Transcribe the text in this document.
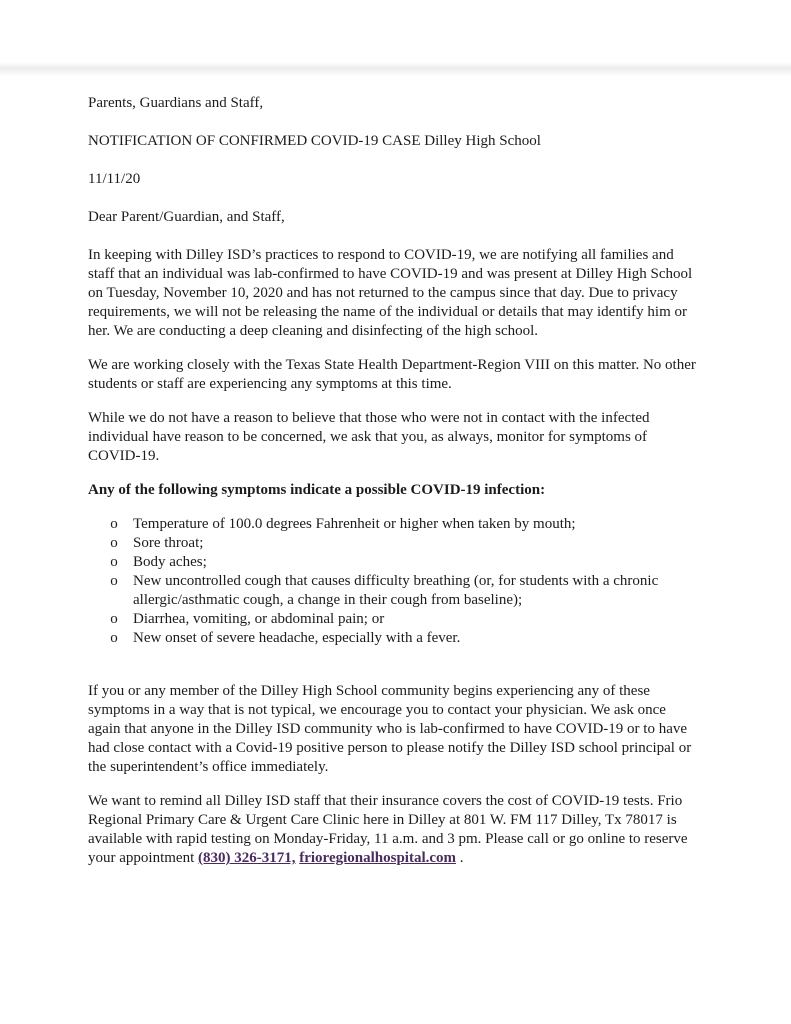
Parents, Guardians and Staff,

NOTIFICATION OF CONFIRMED COVID-19 CASE Dilley High School

11/11/20

Dear Parent/Guardian, and Staff,

In keeping with Dilley ISD’s practices to respond to COVID-19, we are notifying all families and staff that an individual was lab-confirmed to have COVID-19 and was present at Dilley High School on Tuesday, November 10, 2020 and has not returned to the campus since that day. Due to privacy requirements, we will not be releasing the name of the individual or details that may identify him or her. We are conducting a deep cleaning and disinfecting of the high school.

We are working closely with the Texas State Health Department-Region VIII on this matter. No other students or staff are experiencing any symptoms at this time.

While we do not have a reason to believe that those who were not in contact with the infected individual have reason to be concerned, we ask that you, as always, monitor for symptoms of COVID-19.

Any of the following symptoms indicate a possible COVID-19 infection:

o Temperature of 100.0 degrees Fahrenheit or higher when taken by mouth;
o Sore throat;
o Body aches;
o New uncontrolled cough that causes difficulty breathing (or, for students with a chronic allergic/asthmatic cough, a change in their cough from baseline);
o Diarrhea, vomiting, or abdominal pain; or
o New onset of severe headache, especially with a fever.

If you or any member of the Dilley High School community begins experiencing any of these symptoms in a way that is not typical, we encourage you to contact your physician. We ask once again that anyone in the Dilley ISD community who is lab-confirmed to have COVID-19 or to have had close contact with a Covid-19 positive person to please notify the Dilley ISD school principal or the superintendent’s office immediately.

We want to remind all Dilley ISD staff that their insurance covers the cost of COVID-19 tests. Frio Regional Primary Care & Urgent Care Clinic here in Dilley at 801 W. FM 117 Dilley, Tx 78017 is available with rapid testing on Monday-Friday, 11 a.m. and 3 pm. Please call or go online to reserve your appointment (830) 326-3171, frioregionalhospital.com .
